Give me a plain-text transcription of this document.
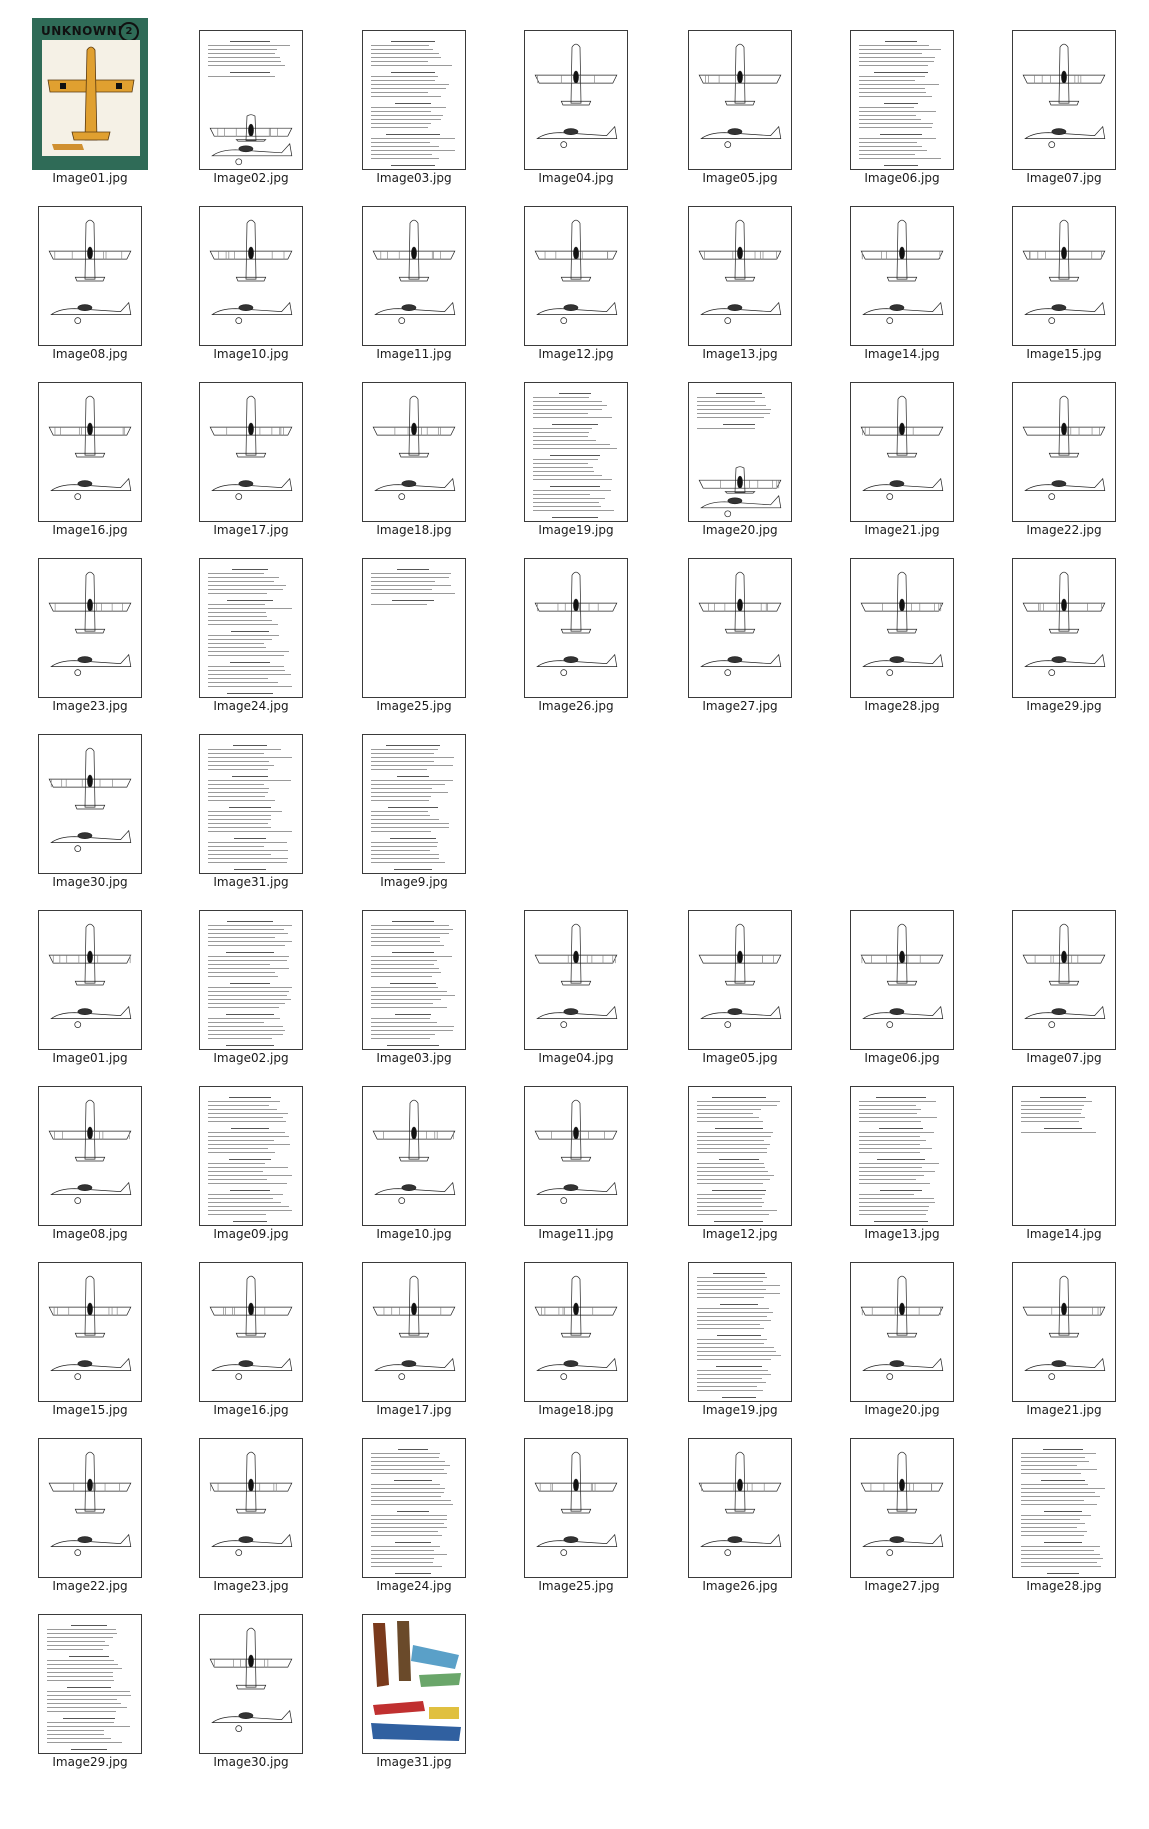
UNKNOWN! 2
Image01.jpg	Image02.jpg	Image03.jpg	Image04.jpg	Image05.jpg	Image06.jpg	Image07.jpg
Image08.jpg	Image10.jpg	Image11.jpg	Image12.jpg	Image13.jpg	Image14.jpg	Image15.jpg
Image16.jpg	Image17.jpg	Image18.jpg	Image19.jpg	Image20.jpg	Image21.jpg	Image22.jpg
Image23.jpg	Image24.jpg	Image25.jpg	Image26.jpg	Image27.jpg	Image28.jpg	Image29.jpg
Image30.jpg	Image31.jpg	Image9.jpg
Image01.jpg	Image02.jpg	Image03.jpg	Image04.jpg	Image05.jpg	Image06.jpg	Image07.jpg
Image08.jpg	Image09.jpg	Image10.jpg	Image11.jpg	Image12.jpg	Image13.jpg	Image14.jpg
Image15.jpg	Image16.jpg	Image17.jpg	Image18.jpg	Image19.jpg	Image20.jpg	Image21.jpg
Image22.jpg	Image23.jpg	Image24.jpg	Image25.jpg	Image26.jpg	Image27.jpg	Image28.jpg
Image29.jpg	Image30.jpg	Image31.jpg
